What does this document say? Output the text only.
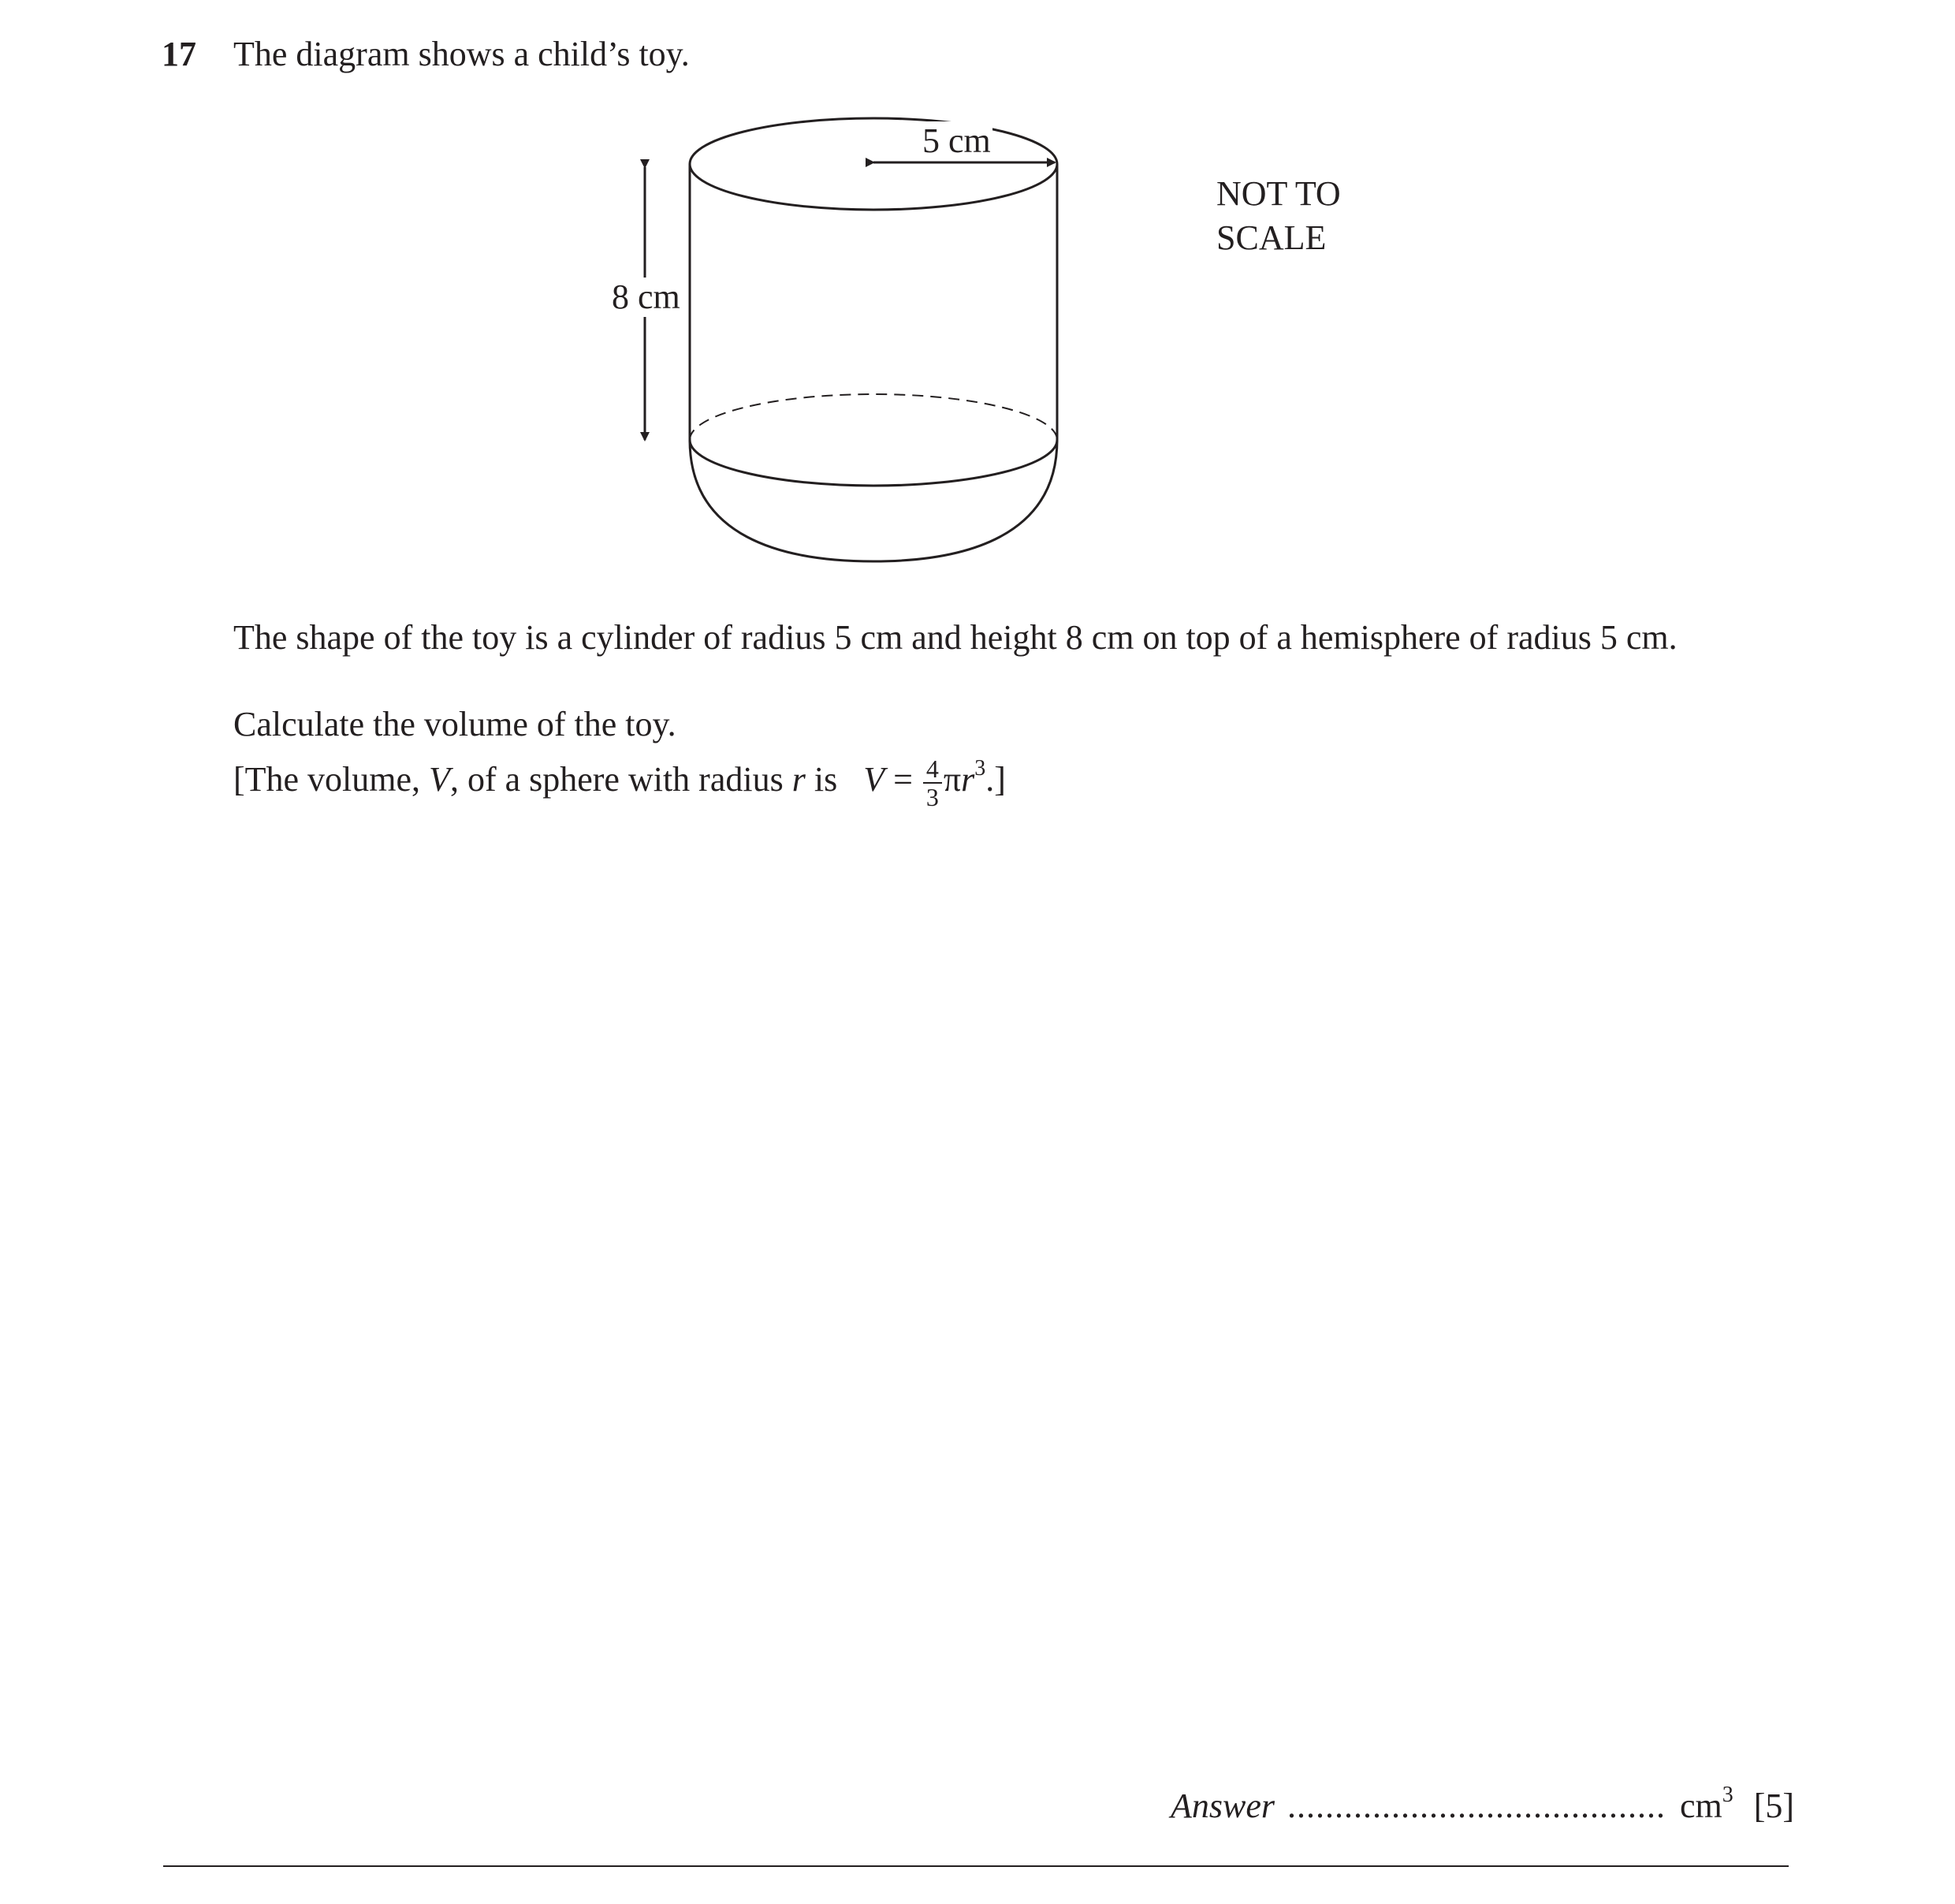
17 The diagram shows a child’s toy.
5 cm
8 cm
NOT TO
SCALE
The shape of the toy is a cylinder of radius 5 cm and height 8 cm on top of a hemisphere of radius 5 cm.
Calculate the volume of the toy.
[The volume, V, of a sphere with radius r is $V = \frac{4}{3} \pi r^3$.]
Answer ........................................ $cm^3$ [5]
